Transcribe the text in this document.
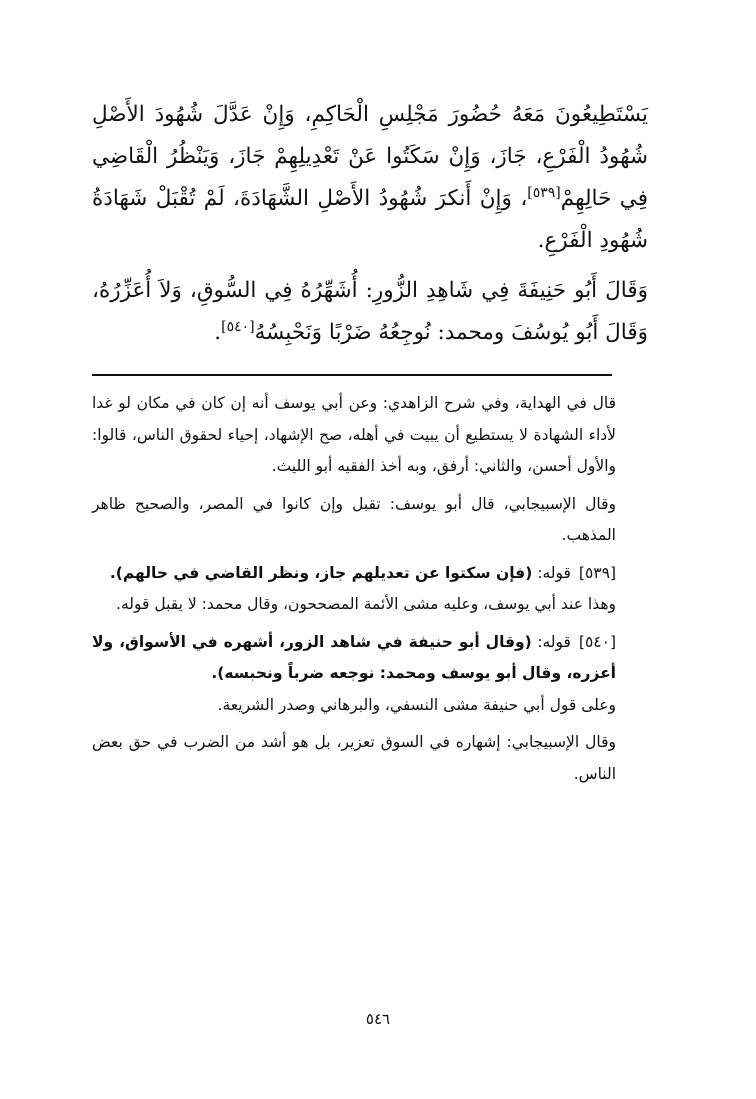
يَسْتَطِيعُونَ مَعَهُ حُضُورَ مَجْلِسِ الْحَاكِمِ، وَإِنْ عَدَّلَ شُهُودَ الأَصْلِ شُهُودُ الْفَرْعِ، جَازَ، وَإِنْ سَكَتُوا عَنْ تَعْدِيلِهِمْ جَازَ، وَيَنْظُرُ الْقَاضِي فِي حَالِهِمْ[٥٣٩]، وَإِنْ أَنكرَ شُهُودُ الأَصْلِ الشَّهَادَةَ، لَمْ تُقْبَلْ شَهَادَةُ شُهُودِ الْفَرْعِ.

وَقَالَ أَبُو حَنِيفَةَ فِي شَاهِدِ الزُّورِ: أُشَهِّرُهُ فِي السُّوقِ، وَلاَ أُعَزِّرُهُ، وَقَالَ أَبُو يُوسُفَ ومحمد: نُوجِعُهُ ضَرْبًا وَنَحْبِسُهُ[٥٤٠].

قال في الهداية، وفي شرح الزاهدي: وعن أبي يوسف أنه إن كان في مكان لو غدا لأداء الشهادة لا يستطيع أن يبيت في أهله، صح الإشهاد، إحياء لحقوق الناس، قالوا: والأول أحسن، والثاني: أرفق، وبه أخذ الفقيه أبو الليث.

وقال الإسبيجابي، قال أبو يوسف: تقبل وإن كانوا في المصر، والصحيح ظاهر المذهب.

[٥٣٩]قوله: (فإن سكتوا عن تعديلهم جاز، ونظر القاضي في حالهم).

وهذا عند أبي يوسف، وعليه مشى الأئمة المصححون، وقال محمد: لا يقبل قوله.

[٥٤٠]قوله: (وقال أبو حنيفة في شاهد الزور، أشهره في الأسواق، ولا أعزره، وقال أبو يوسف ومحمد: نوجعه ضرباً ونحبسه).

وعلى قول أبي حنيفة مشى النسفي، والبرهاني وصدر الشريعة.

وقال الإسبيجابي: إشهاره في السوق تعزير، بل هو أشد من الضرب في حق بعض الناس.

٥٤٦
